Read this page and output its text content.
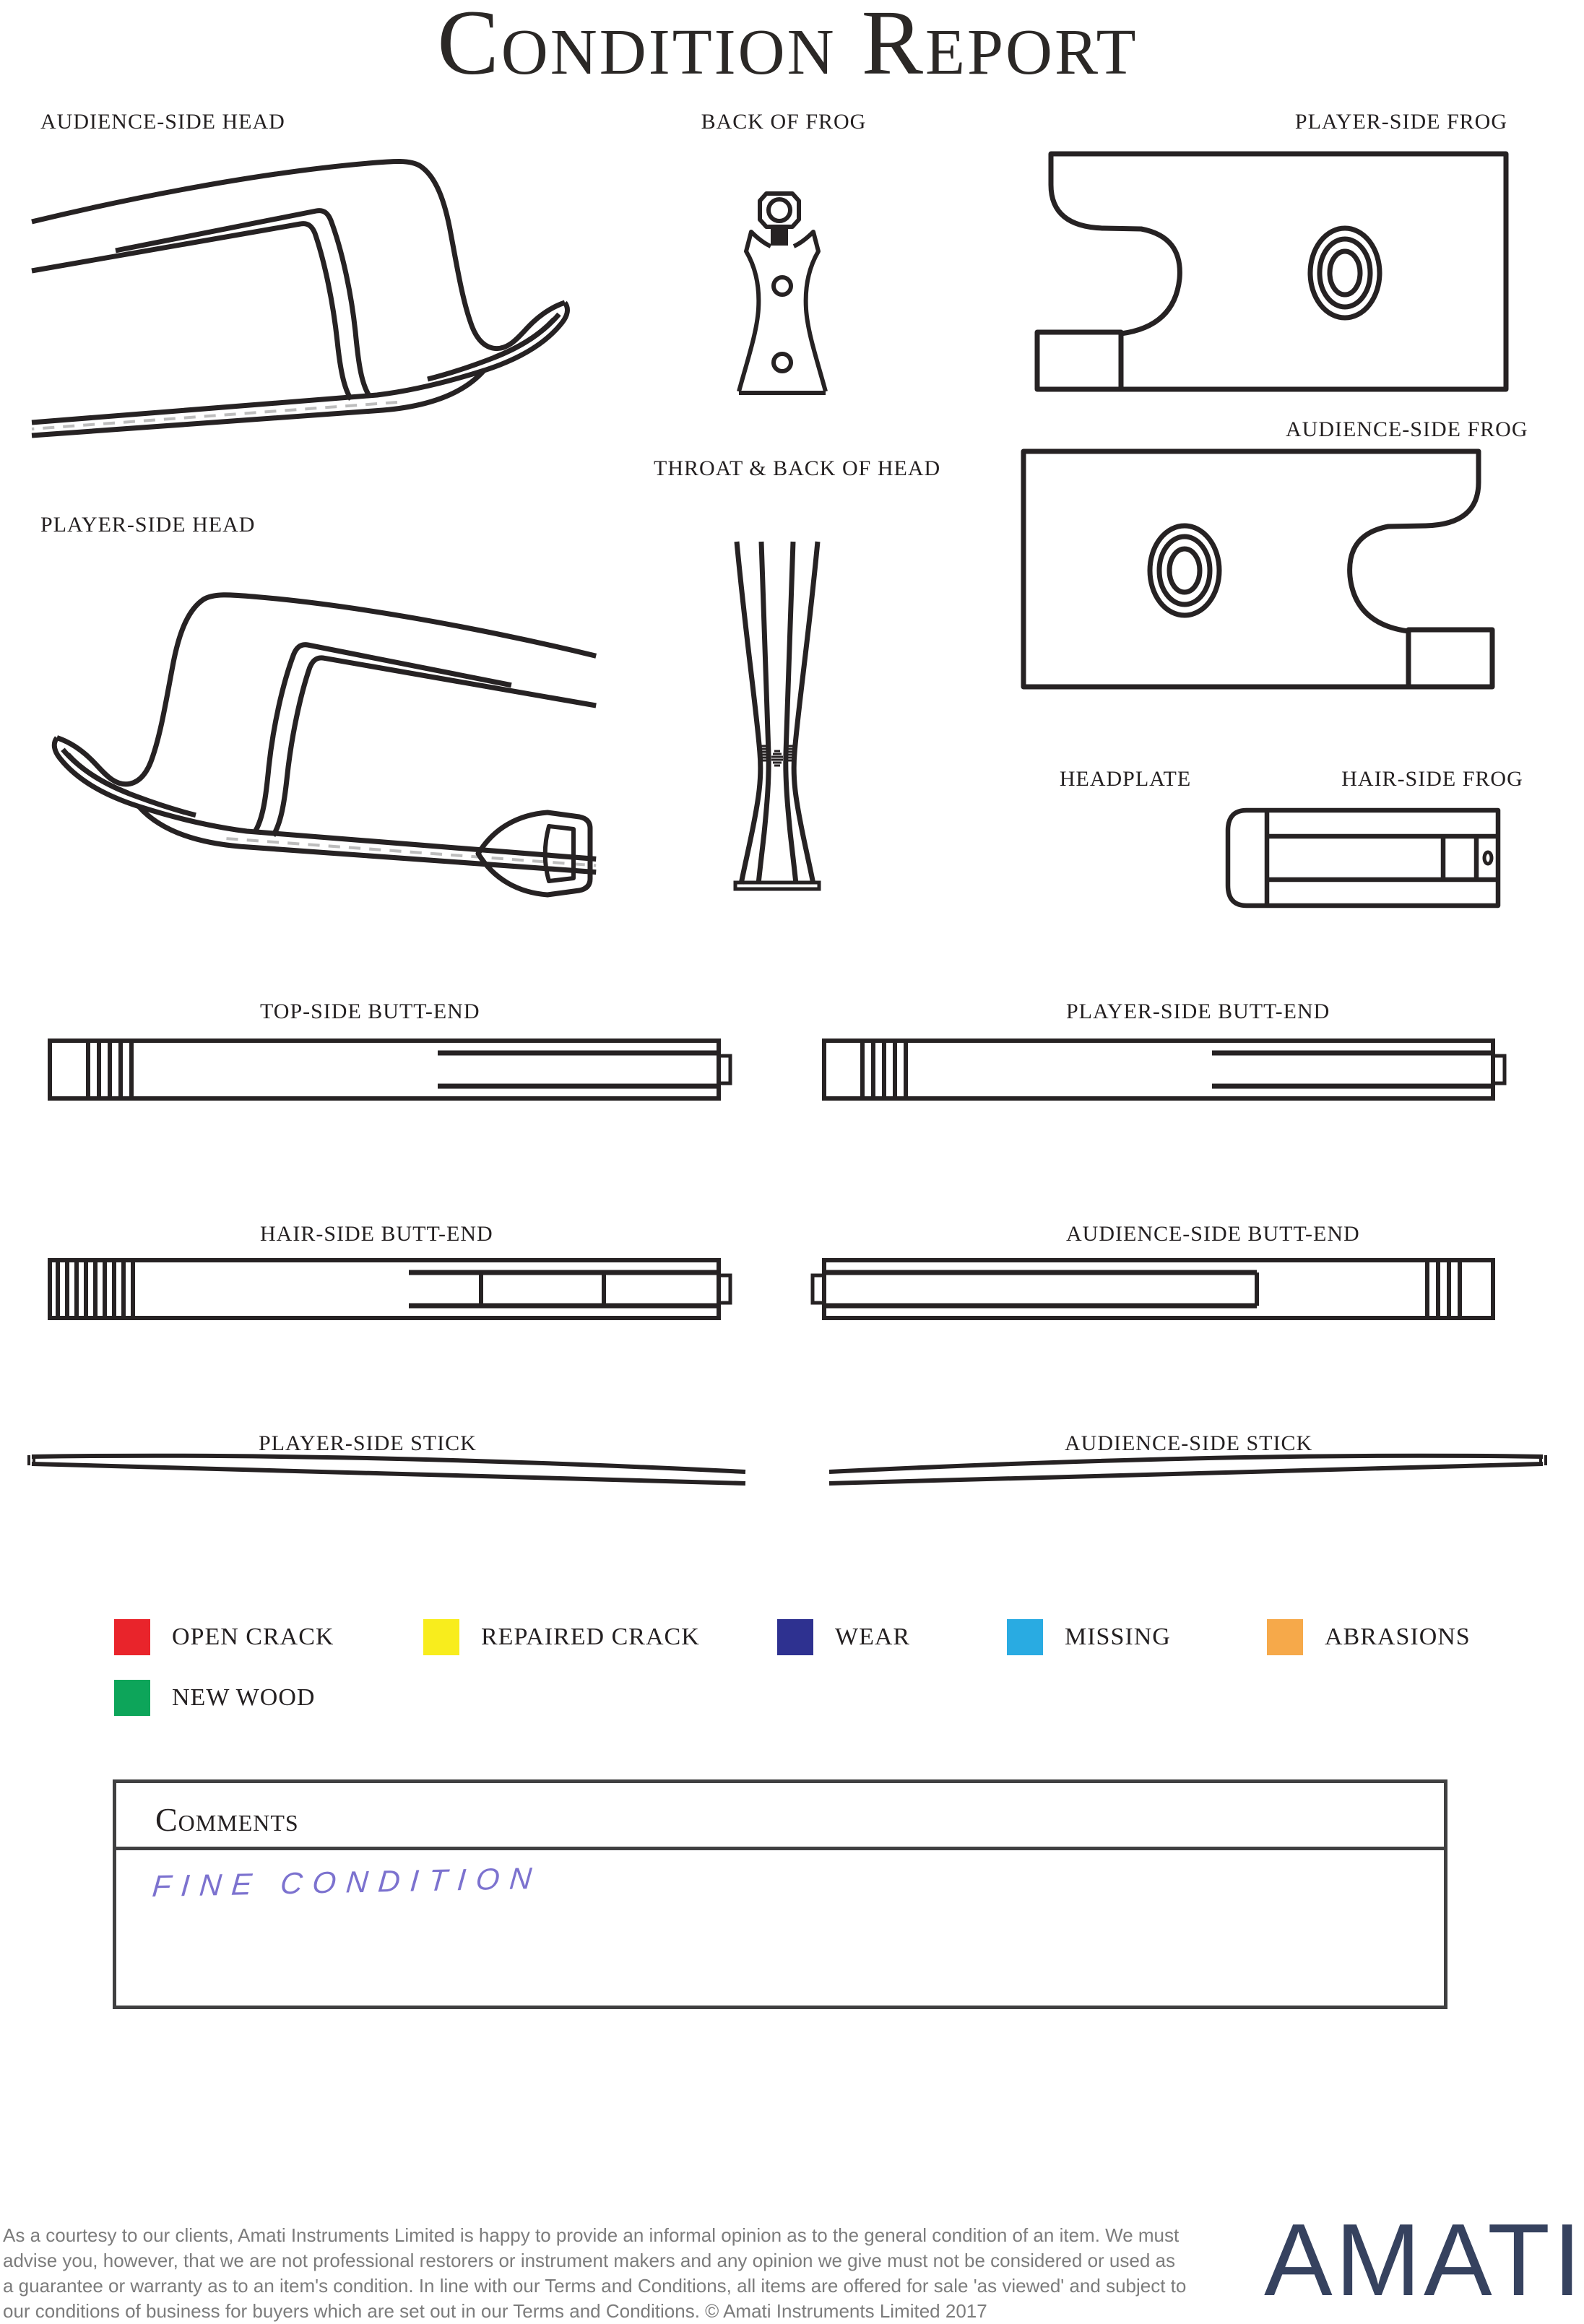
Condition Report
AUDIENCE-SIDE HEAD	BACK OF FROG	PLAYER-SIDE FROG
AUDIENCE-SIDE FROG
PLAYER-SIDE HEAD
THROAT & BACK OF HEAD
HEADPLATE	HAIR-SIDE FROG
TOP-SIDE BUTT-END	PLAYER-SIDE BUTT-END
HAIR-SIDE BUTT-END	AUDIENCE-SIDE BUTT-END
PLAYER-SIDE STICK	AUDIENCE-SIDE STICK
OPEN CRACK	REPAIRED CRACK	WEAR	MISSING	ABRASIONS
NEW WOOD
Comments
FINE CONDITION
As a courtesy to our clients, Amati Instruments Limited is happy to provide an informal opinion as to the general condition of an item. We must
advise you, however, that we are not professional restorers or instrument makers and any opinion we give must not be considered or used as
a guarantee or warranty as to an item's condition. In line with our Terms and Conditions, all items are offered for sale 'as viewed' and subject to
our conditions of business for buyers which are set out in our Terms and Conditions. © Amati Instruments Limited 2017	AMATI
